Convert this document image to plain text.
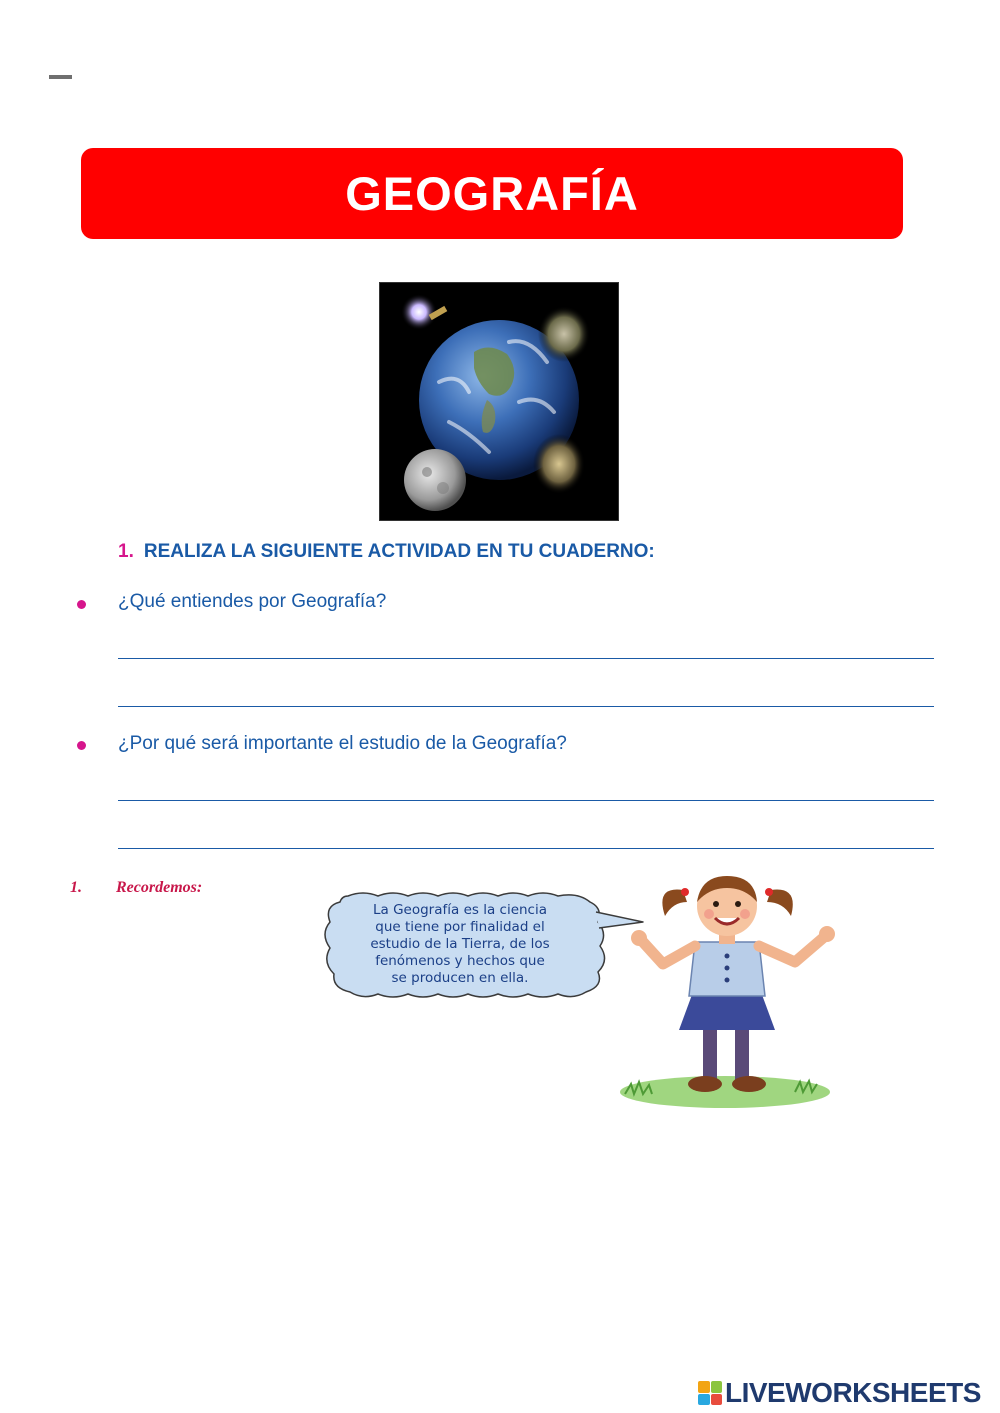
GEOGRAFÍA
1. REALIZA LA SIGUIENTE ACTIVIDAD EN TU CUADERNO:
¿Qué entiendes por Geografía?
¿Por qué será importante el estudio de la Geografía?
1. Recordemos:
La Geografía es la ciencia
que tiene por finalidad el
estudio de la Tierra, de los
fenómenos y hechos que
se producen en ella.
LIVEWORKSHEETS
